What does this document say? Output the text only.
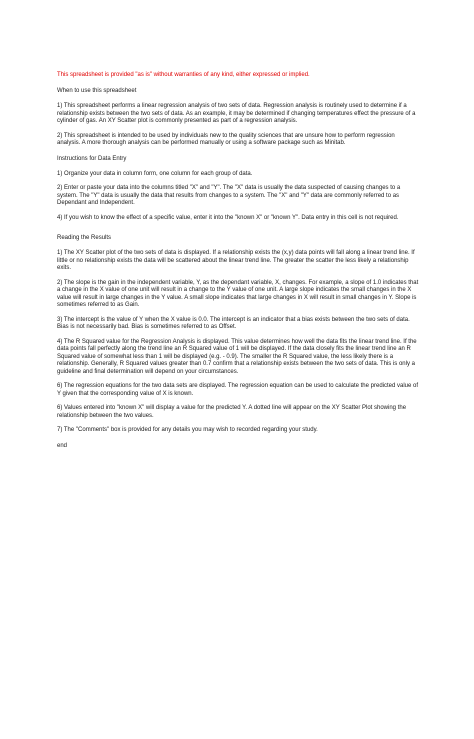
This spreadsheet is provided "as is" without warranties of any kind, either expressed or implied.

When to use this spreadsheet

1) This spreadsheet performs a linear regression analysis of two sets of data. Regression analysis is routinely used to determine if a relationship exists between the two sets of data. As an example, it may be determined if changing temperatures effect the pressure of a cylinder of gas. An XY Scatter plot is commonly presented as part of a regression analysis.

2) This spreadsheet is intended to be used by individuals new to the quality sciences that are unsure how to perform regression analysis. A more thorough analysis can be performed manually or using a software package such as Minitab.

Instructions for Data Entry

1) Organize your data in column form, one column for each group of data.

2) Enter or paste your data into the columns titled "X" and "Y". The "X" data is usually the data suspected of causing changes to a system. The "Y" data is usually the data that results from changes to a system. The "X" and "Y" data are commonly referred to as Dependant and Independent.

4) If you wish to know the effect of a specific value, enter it into the "known X" or "known Y". Data entry in this cell is not required.

Reading the Results

1) The XY Scatter plot of the two sets of data is displayed. If a relationship exists the (x,y) data points will fall along a linear trend line. If little or no relationship exists the data will be scattered about the linear trend line. The greater the scatter the less likely a relationship exits.

2) The slope is the gain in the independent variable, Y, as the dependant variable, X, changes. For example, a slope of 1.0 indicates that a change in the X value of one unit will result in a change to the Y value of one unit. A large slope indicates the small changes in the X value will result in large changes in the Y value. A small slope indicates that large changes in X will result in small changes in Y. Slope is sometimes referred to as Gain.

3) The intercept is the value of Y when the X value is 0.0. The intercept is an indicator that a bias exists between the two sets of data. Bias is not necessarily bad. Bias is sometimes referred to as Offset.

4) The R Squared value for the Regression Analysis is displayed. This value determines how well the data fits the linear trend line. If the data points fall perfectly along the trend line an R Squared value of 1 will be displayed. If the data closely fits the linear trend line an R Squared value of somewhat less than 1 will be displayed (e.g. - 0.9). The smaller the R Squared value, the less likely there is a relationship. Generally, R Squared values greater than 0.7 confirm that a relationship exists between the two sets of data. This is only a guideline and final determination will depend on your circumstances.

6) The regression equations for the two data sets are displayed. The regression equation can be used to calculate the predicted value of Y given that the corresponding value of X is known.

6) Values entered into "known X" will display a value for the predicted Y. A dotted line will appear on the XY Scatter Plot showing the relationship between the two values.

7) The "Comments" box is provided for any details you may wish to recorded regarding your study.

end
